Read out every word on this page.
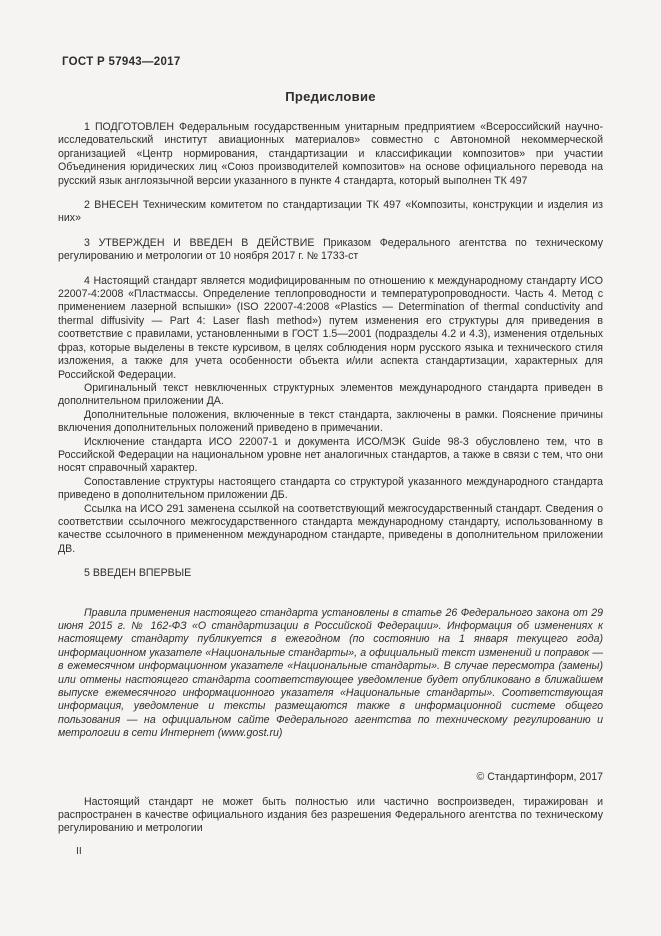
ГОСТ Р 57943—2017
Предисловие

1 ПОДГОТОВЛЕН Федеральным государственным унитарным предприятием «Всероссийский научно-исследовательский институт авиационных материалов» совместно с Автономной некоммерческой организацией «Центр нормирования, стандартизации и классификации композитов» при участии Объединения юридических лиц «Союз производителей композитов» на основе официального перевода на русский язык англоязычной версии указанного в пункте 4 стандарта, который выполнен ТК 497

2 ВНЕСЕН Техническим комитетом по стандартизации ТК 497 «Композиты, конструкции и изделия из них»

3 УТВЕРЖДЕН И ВВЕДЕН В ДЕЙСТВИЕ Приказом Федерального агентства по техническому регулированию и метрологии от 10 ноября 2017 г. № 1733-ст

4 Настоящий стандарт является модифицированным по отношению к международному стандарту ИСО 22007-4:2008 «Пластмассы. Определение теплопроводности и температуропроводности. Часть 4. Метод с применением лазерной вспышки» (ISO 22007-4:2008 «Plastics — Determination of thermal conductivity and thermal diffusivity — Part 4: Laser flash method») путем изменения его структуры для приведения в соответствие с правилами, установленными в ГОСТ 1.5—2001 (подразделы 4.2 и 4.3), изменения отдельных фраз, которые выделены в тексте курсивом, в целях соблюдения норм русского языка и технического стиля изложения, а также для учета особенности объекта и/или аспекта стандартизации, характерных для Российской Федерации.

Оригинальный текст невключенных структурных элементов международного стандарта приведен в дополнительном приложении ДА.

Дополнительные положения, включенные в текст стандарта, заключены в рамки. Пояснение причины включения дополнительных положений приведено в примечании.

Исключение стандарта ИСО 22007-1 и документа ИСО/МЭК Guide 98-3 обусловлено тем, что в Российской Федерации на национальном уровне нет аналогичных стандартов, а также в связи с тем, что они носят справочный характер.

Сопоставление структуры настоящего стандарта со структурой указанного международного стандарта приведено в дополнительном приложении ДБ.

Ссылка на ИСО 291 заменена ссылкой на соответствующий межгосударственный стандарт. Сведения о соответствии ссылочного межгосударственного стандарта международному стандарту, использованному в качестве ссылочного в примененном международном стандарте, приведены в дополнительном приложении ДВ.

5 ВВЕДЕН ВПЕРВЫЕ

Правила применения настоящего стандарта установлены в статье 26 Федерального закона от 29 июня 2015 г. № 162-ФЗ «О стандартизации в Российской Федерации». Информация об изменениях к настоящему стандарту публикуется в ежегодном (по состоянию на 1 января текущего года) информационном указателе «Национальные стандарты», а официальный текст изменений и поправок — в ежемесячном информационном указателе «Национальные стандарты». В случае пересмотра (замены) или отмены настоящего стандарта соответствующее уведомление будет опубликовано в ближайшем выпуске ежемесячного информационного указателя «Национальные стандарты». Соответствующая информация, уведомление и тексты размещаются также в информационной системе общего пользования — на официальном сайте Федерального агентства по техническому регулированию и метрологии в сети Интернет (www.gost.ru)

© Стандартинформ, 2017

Настоящий стандарт не может быть полностью или частично воспроизведен, тиражирован и распространен в качестве официального издания без разрешения Федерального агентства по техническому регулированию и метрологии

II
